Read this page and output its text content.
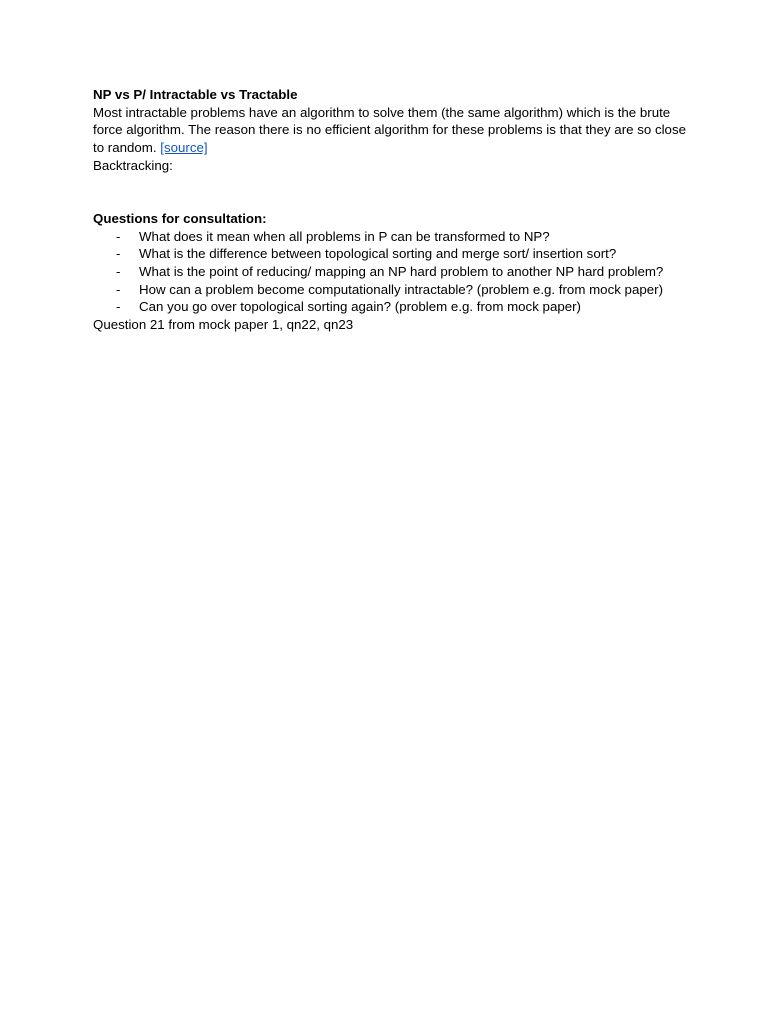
NP vs P/ Intractable vs Tractable

Most intractable problems have an algorithm to solve them (the same algorithm) which is the brute force algorithm. The reason there is no efficient algorithm for these problems is that they are so close to random. [source]

Backtracking:

Questions for consultation:

- What does it mean when all problems in P can be transformed to NP?
- What is the difference between topological sorting and merge sort/ insertion sort?
- What is the point of reducing/ mapping an NP hard problem to another NP hard problem?
- How can a problem become computationally intractable? (problem e.g. from mock paper)
- Can you go over topological sorting again? (problem e.g. from mock paper)

Question 21 from mock paper 1, qn22, qn23
